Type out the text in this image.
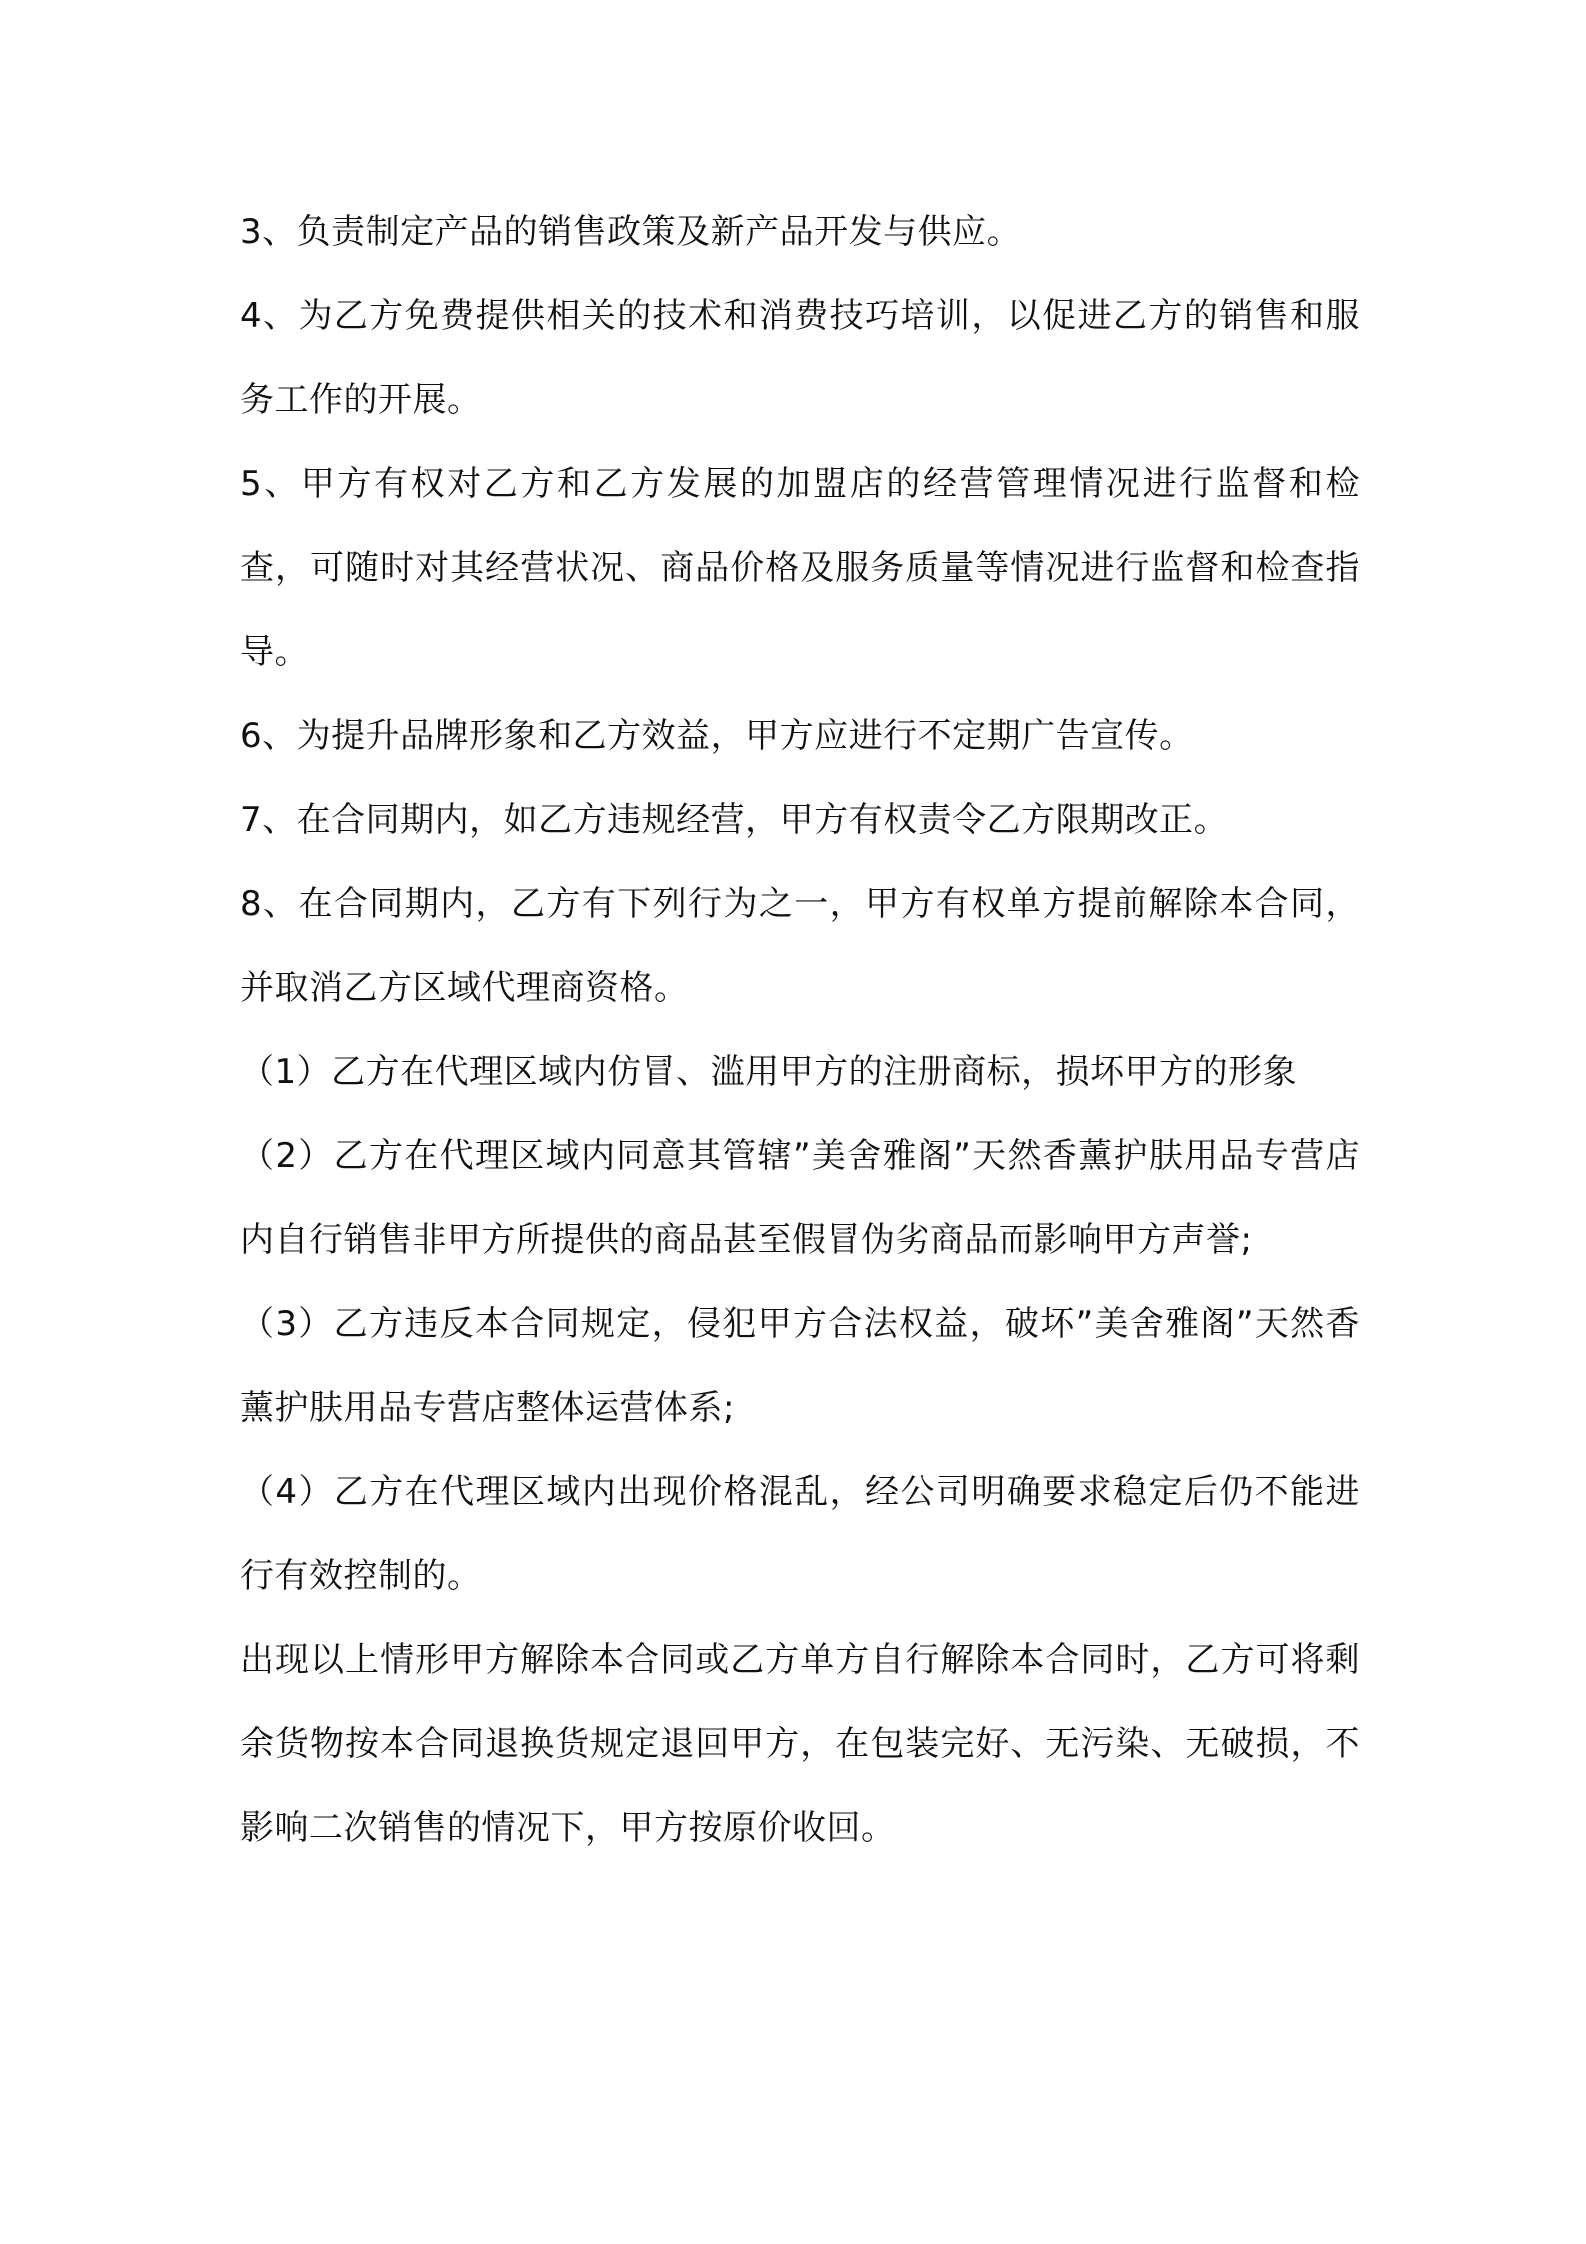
3、负责制定产品的销售政策及新产品开发与供应。

4、为乙方免费提供相关的技术和消费技巧培训，以促进乙方的销售和服务工作的开展。

5、甲方有权对乙方和乙方发展的加盟店的经营管理情况进行监督和检查，可随时对其经营状况、商品价格及服务质量等情况进行监督和检查指导。

6、为提升品牌形象和乙方效益，甲方应进行不定期广告宣传。

7、在合同期内，如乙方违规经营，甲方有权责令乙方限期改正。

8、在合同期内，乙方有下列行为之一，甲方有权单方提前解除本合同，并取消乙方区域代理商资格。

（1）乙方在代理区域内仿冒、滥用甲方的注册商标，损坏甲方的形象

（2）乙方在代理区域内同意其管辖”美舍雅阁”天然香薰护肤用品专营店内自行销售非甲方所提供的商品甚至假冒伪劣商品而影响甲方声誉;

（3）乙方违反本合同规定，侵犯甲方合法权益，破坏”美舍雅阁”天然香薰护肤用品专营店整体运营体系;

（4）乙方在代理区域内出现价格混乱，经公司明确要求稳定后仍不能进行有效控制的。

出现以上情形甲方解除本合同或乙方单方自行解除本合同时，乙方可将剩余货物按本合同退换货规定退回甲方，在包装完好、无污染、无破损，不影响二次销售的情况下，甲方按原价收回。
